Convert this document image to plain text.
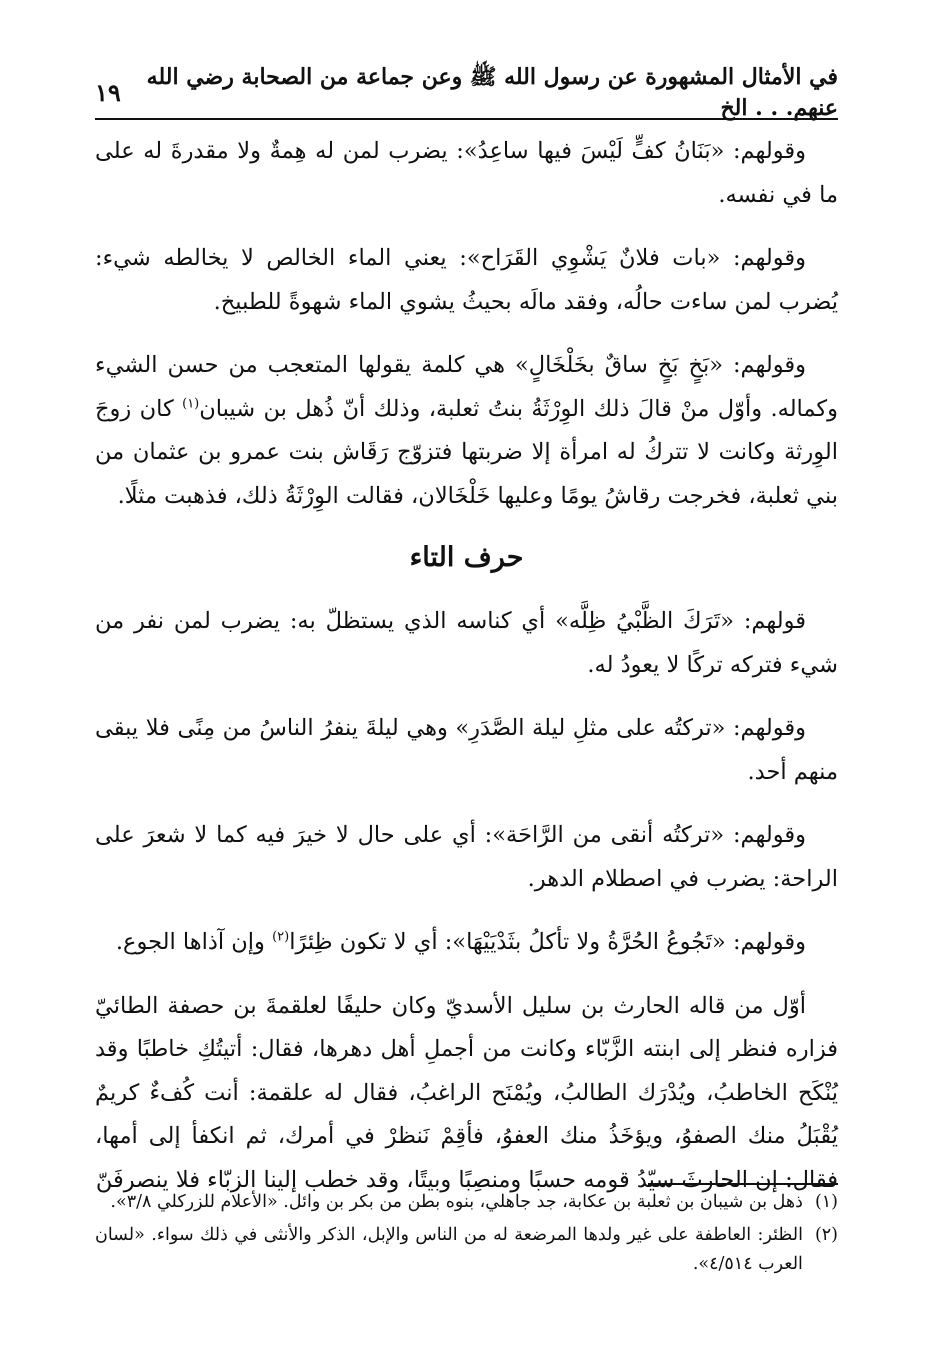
في الأمثال المشهورة عن رسول الله ﷺ وعن جماعة من الصحابة رضي الله عنهم. . . الخ
١٩

وقولهم: «بَنَانُ كفٍّ لَيْسَ فيها ساعِدُ»: يضرب لمن له هِمةٌ ولا مقدرةَ له على ما في نفسه.

وقولهم: «بات فلانٌ يَشْوِي القَرَاح»: يعني الماء الخالص لا يخالطه شيء: يُضرب لمن ساءت حالُه، وفقد مالَه بحيثُ يشوي الماء شهوةً للطبيخ.

وقولهم: «بَخٍ بَخٍ ساقٌ بخَلْخَالٍ» هي كلمة يقولها المتعجب من حسن الشيء وكماله. وأوّل منْ قالَ ذلك الوِرْثَةُ بنتُ ثعلبة، وذلك أنّ ذُهل بن شيبان$^{(١)}$ كان زوجَ الوِرثة وكانت لا تتركُ له امرأة إلا ضربتها فتزوّج رَقَاش بنت عمرو بن عثمان من بني ثعلبة، فخرجت رقاشُ يومًا وعليها خَلْخَالان، فقالت الوِرْثَةُ ذلك، فذهبت مثلًا.

حرف التاء

قولهم: «تَرَكَ الظَّبْيُ ظِلَّه» أي كناسه الذي يستظلّ به: يضرب لمن نفر من شيء فتركه تركًا لا يعودُ له.

وقولهم: «تركتُه على مثلِ ليلة الصَّدَرِ» وهي ليلةَ ينفرُ الناسُ من مِنًى فلا يبقى منهم أحد.

وقولهم: «تركتُه أنقى من الرَّاحَة»: أي على حال لا خيرَ فيه كما لا شعرَ على الراحة: يضرب في اصطلام الدهر.

وقولهم: «تَجُوعُ الحُرَّةُ ولا تأكلُ بثَدْيَيْهَا»: أي لا تكون ظِئرًا$^{(٢)}$ وإن آذاها الجوع.

أوّل من قاله الحارث بن سليل الأسديّ وكان حليفًا لعلقمةَ بن حصفة الطائيّ فزاره فنظر إلى ابنته الزَّبّاء وكانت من أجملِ أهل دهرها، فقال: أتيتُكِ خاطبًا وقد يُنْكَح الخاطبُ، ويُدْرَك الطالبُ، ويُمْنَح الراغبُ، فقال له علقمة: أنت كُفءٌ كريمٌ يُقْبَلُ منك الصفوُ، ويؤخَذُ منك العفوُ، فأقِمْ نَنظرْ في أمرك، ثم انكفأ إلى أمها، فقال: إن الحارثَ سيّدُ قومه حسبًا ومنصِبًا وبيتًا، وقد خطب إلينا الزبّاء فلا ينصرفَنّ

(١)
ذهل بن شيبان بن ثعلبة بن عكابة، جد جاهلي، بنوه بطن من بكر بن وائل. «الأعلام للزركلي ٣/٨».
(٢)
الظئر: العاطفة على غير ولدها المرضعة له من الناس والإبل، الذكر والأنثى في ذلك سواء. «لسان العرب ٤/٥١٤».
